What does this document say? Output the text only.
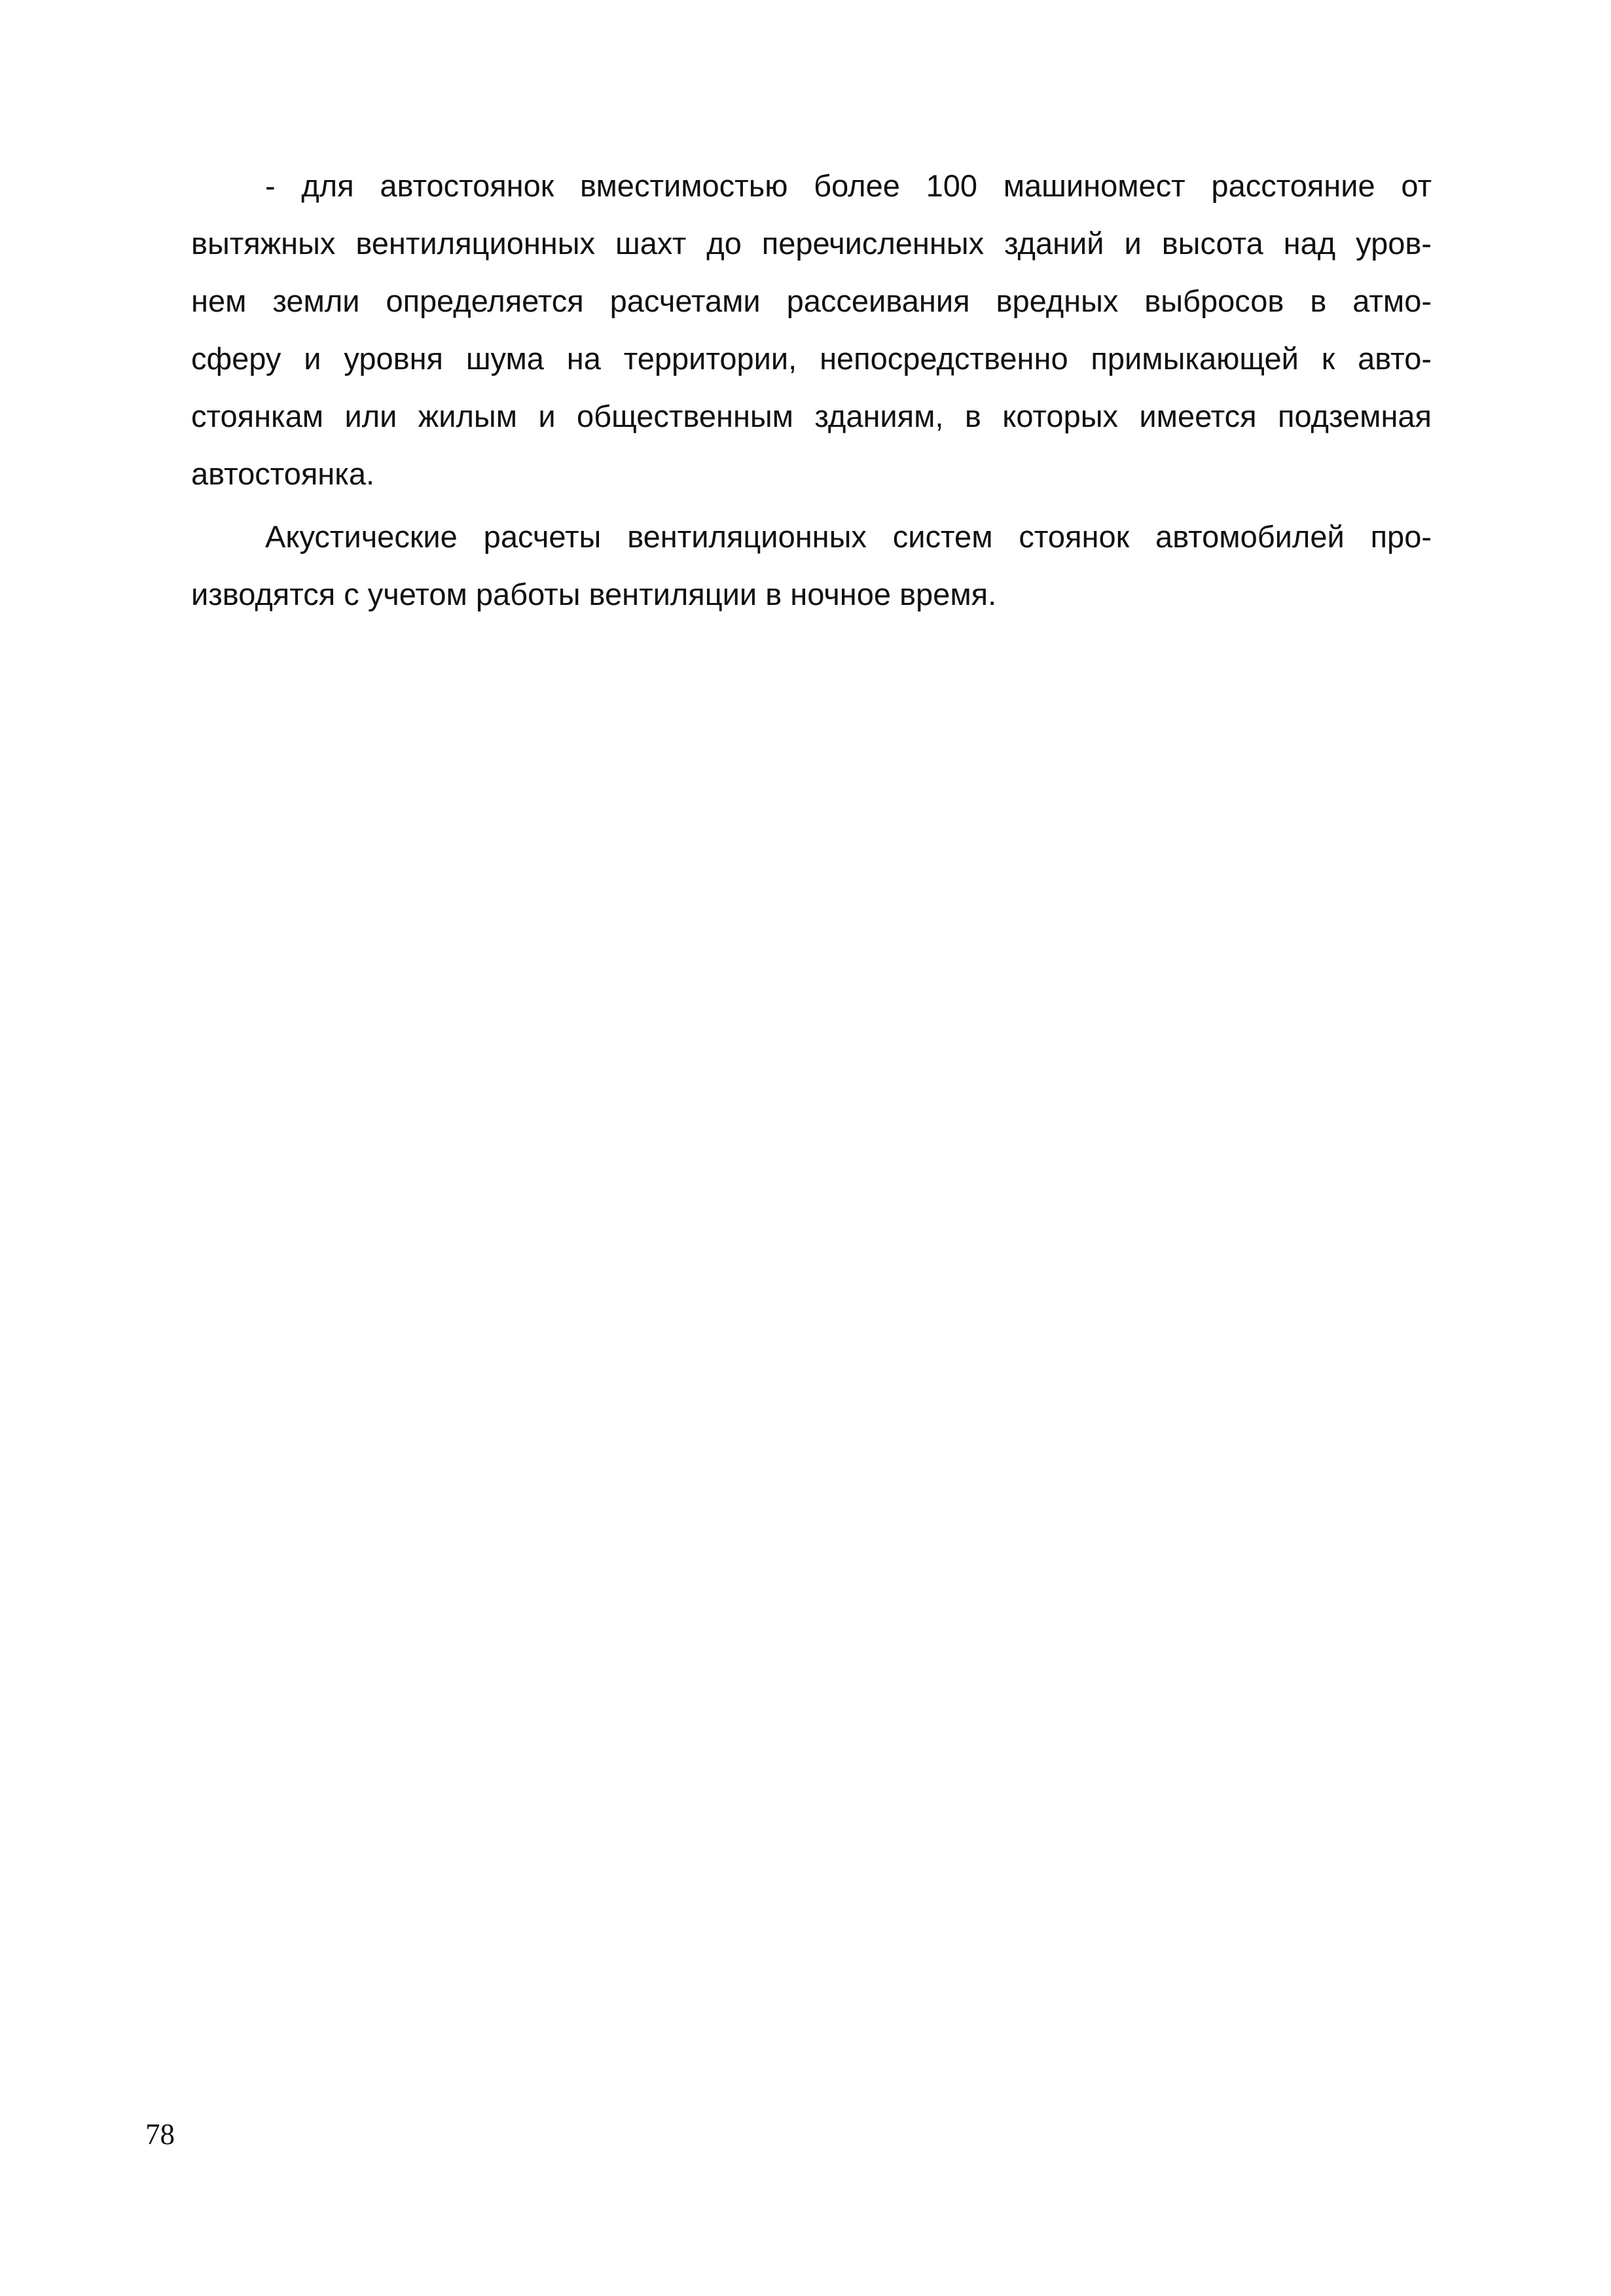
- для автостоянок вместимостью более 100 машиномест расстояние от
вытяжных вентиляционных шахт до перечисленных зданий и высота над уров-
нем земли определяется расчетами рассеивания вредных выбросов в атмо-
сферу и уровня шума на территории, непосредственно примыкающей к авто-
стоянкам или жилым и общественным зданиям, в которых имеется подземная
автостоянка.
Акустические расчеты вентиляционных систем стоянок автомобилей про-
изводятся с учетом работы вентиляции в ночное время.
78
